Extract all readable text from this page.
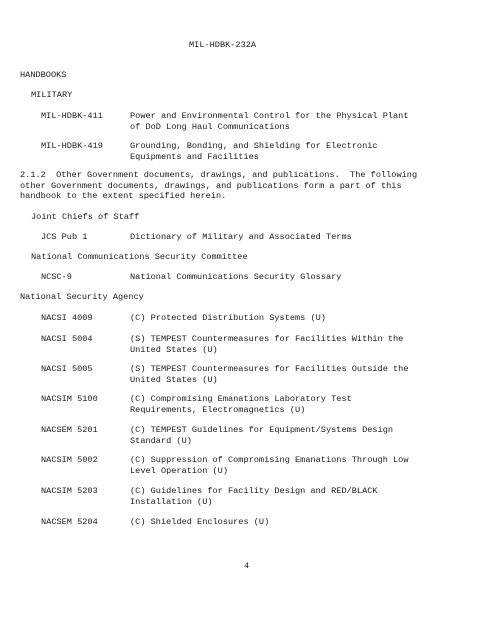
MIL-HDBK-232A
HANDBOOKS
MILITARY
MIL-HDBK-411	Power and Environmental Control for the Physical Plant
of DoD Long Haul Communications
MIL-HDBK-419	Grounding, Bonding, and Shielding for Electronic
Equipments and Facilities
2.1.2  Other Government documents, drawings, and publications.  The following
other Government documents, drawings, and publications form a part of this
handbook to the extent specified herein.
Joint Chiefs of Staff
JCS Pub 1	Dictionary of Military and Associated Terms
National Communications Security Committee
NCSC-9	National Communications Security Glossary
National Security Agency
NACSI 4009	(C) Protected Distribution Systems (U)
NACSI 5004	(S) TEMPEST Countermeasures for Facilities Within the
United States (U)
NACSI 5005	(S) TEMPEST Countermeasures for Facilities Outside the
United States (U)
NACSIM 5100	(C) Compromising Emanations Laboratory Test
Requirements, Electromagnetics (U)
NACSEM 5201	(C) TEMPEST Guidelines for Equipment/Systems Design
Standard (U)
NACSIM 5002	(C) Suppression of Compromising Emanations Through Low
Level Operation (U)
NACSIM 5203	(C) Guidelines for Facility Design and RED/BLACK
Installation (U)
NACSEM 5204	(C) Shielded Enclosures (U)
4
